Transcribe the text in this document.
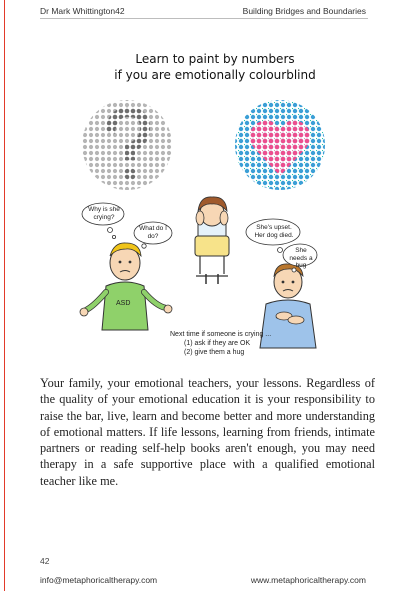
Dr Mark Whittington42	Building Bridges and Boundaries
Learn to paint by numbers
if you are emotionally colourblind
Why is she crying?
What do I do?
She's upset. Her dog died.
She needs a hug
ASD
Next time if someone is crying ...
(1) ask if they are OK
(2) give them a hug
Your family, your emotional teachers, your lessons. Regardless of the quality of your emotional education it is your responsibility to raise the bar, live, learn and become better and more understanding of emotional matters. If life lessons, learning from friends, intimate partners or reading self-help books aren't enough, you may need therapy in a safe supportive place with a qualified emotional teacher like me.
42
info@metaphoricaltherapy.com	www.metaphoricaltherapy.com
